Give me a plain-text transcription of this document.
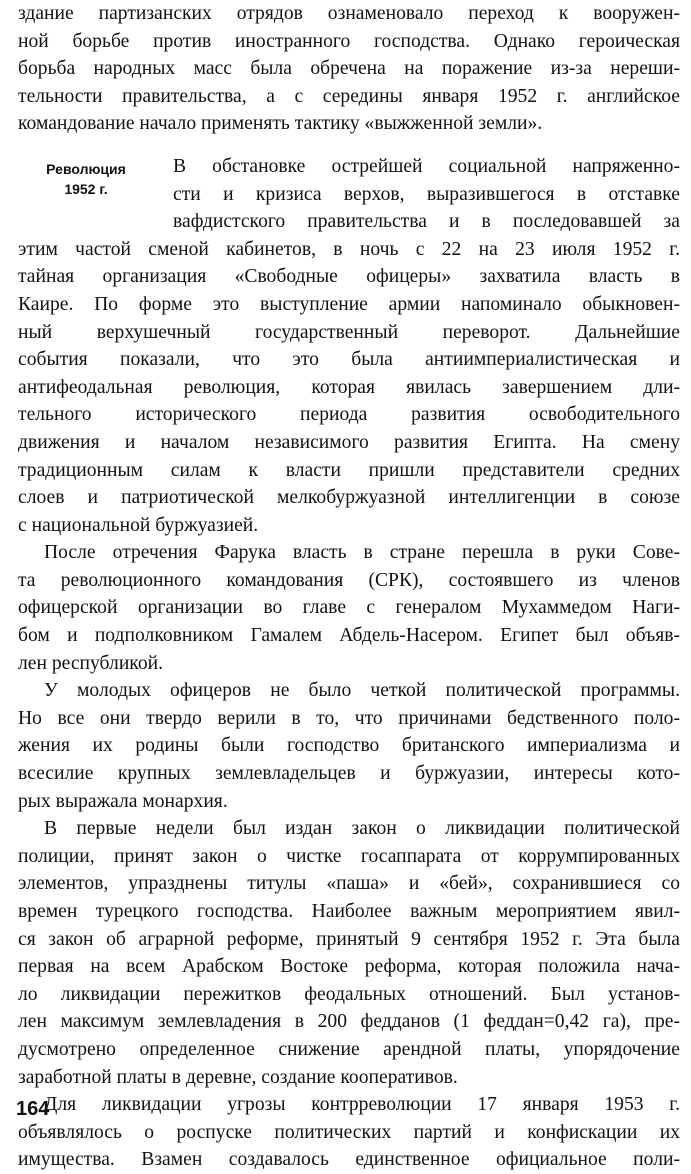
здание партизанских отрядов ознаменовало переход к вооружен-
ной борьбе против иностранного господства. Однако героическая
борьба народных масс была обречена на поражение из-за нереши-
тельности правительства, а с середины января 1952 г. английское
командование начало применять тактику «выжженной земли».
Революция
1952 г.
В обстановке острейшей социальной напряженно-
сти и кризиса верхов, выразившегося в отставке
вафдистского правительства и в последовавшей за
этим частой сменой кабинетов, в ночь с 22 на 23 июля 1952 г.
тайная организация «Свободные офицеры» захватила власть в
Каире. По форме это выступление армии напоминало обыкновен-
ный верхушечный государственный переворот. Дальнейшие
события показали, что это была антиимпериалистическая и
антифеодальная революция, которая явилась завершением дли-
тельного исторического периода развития освободительного
движения и началом независимого развития Египта. На смену
традиционным силам к власти пришли представители средних
слоев и патриотической мелкобуржуазной интеллигенции в союзе
с национальной буржуазией.
После отречения Фарука власть в стране перешла в руки Сове-
та революционного командования (СРК), состоявшего из членов
офицерской организации во главе с генералом Мухаммедом Наги-
бом и подполковником Гамалем Абдель-Насером. Египет был объяв-
лен республикой.
У молодых офицеров не было четкой политической программы.
Но все они твердо верили в то, что причинами бедственного поло-
жения их родины были господство британского империализма и
всесилие крупных землевладельцев и буржуазии, интересы кото-
рых выражала монархия.
В первые недели был издан закон о ликвидации политической
полиции, принят закон о чистке госаппарата от коррумпированных
элементов, упразднены титулы «паша» и «бей», сохранившиеся со
времен турецкого господства. Наиболее важным мероприятием явил-
ся закон об аграрной реформе, принятый 9 сентября 1952 г. Эта была
первая на всем Арабском Востоке реформа, которая положила нача-
ло ликвидации пережитков феодальных отношений. Был установ-
лен максимум землевладения в 200 федданов (1 феддан=0,42 га), пре-
дусмотрено определенное снижение арендной платы, упорядочение
заработной платы в деревне, создание кооперативов.
Для ликвидации угрозы контрреволюции 17 января 1953 г.
объявлялось о роспуске политических партий и конфискации их
имущества. Взамен создавалось единственное официальное поли-
164
